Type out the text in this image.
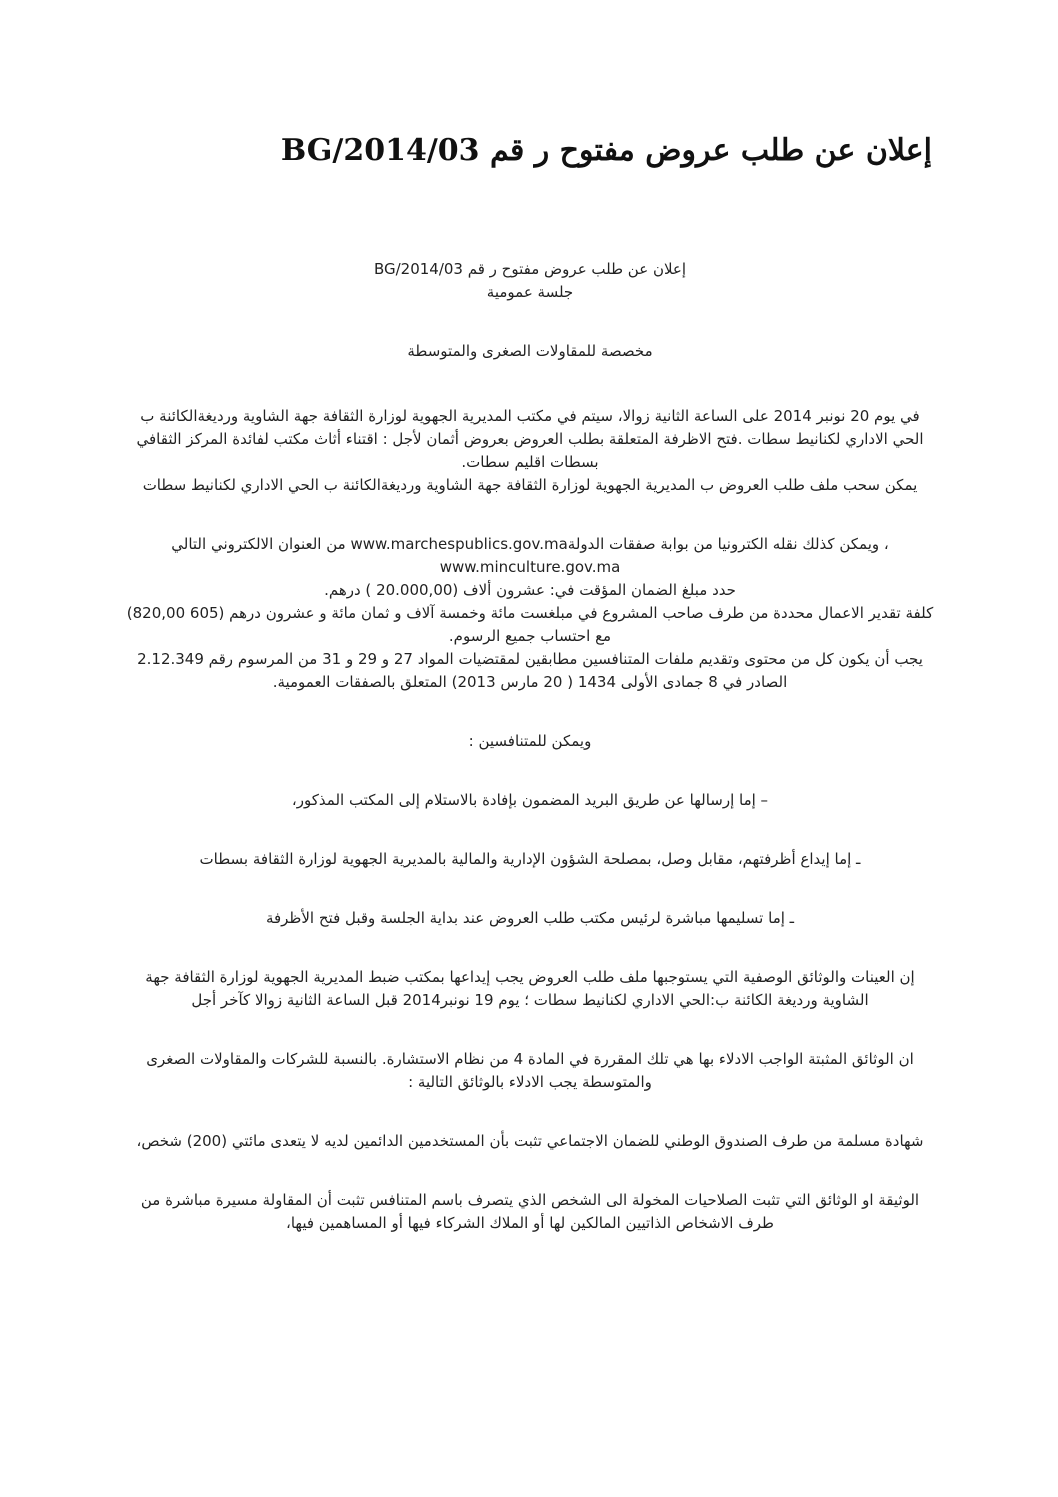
إعلان عن طلب عروض مفتوح ر قم BG/2014/03

إعلان عن طلب عروض مفتوح ر قم BG/2014/03

جلسة عمومية

مخصصة للمقاولات الصغرى والمتوسطة

في يوم 20 نونبر 2014 على الساعة الثانية زوالا، سيتم في مكتب المديرية الجهوية لوزارة الثقافة جهة الشاوية ورديغةالكائنة ب الحي الاداري لكنانيط سطات .فتح الاظرفة المتعلقة بطلب العروض بعروض أثمان لأجل : اقتناء أثاث مكتب لفائدة المركز الثقافي بسطات اقليم سطات.

يمكن سحب ملف طلب العروض ب المديرية الجهوية لوزارة الثقافة جهة الشاوية ورديغةالكائنة ب الحي الاداري لكنانيط سطات

، ويمكن كذلك نقله الكترونيا من بوابة صفقات الدولةwww.marchespublics.gov.ma من العنوان الالكتروني التالي www.minculture.gov.ma

حدد مبلغ الضمان المؤقت في: عشرون ألاف (20.000,00 ) درهم.

كلفة تقدير الاعمال محددة من طرف صاحب المشروع في مبلغست مائة وخمسة آلاف و ثمان مائة و عشرون درهم (605 820,00) مع احتساب جميع الرسوم.

يجب أن يكون كل من محتوى وتقديم ملفات المتنافسين مطابقين لمقتضيات المواد 27 و 29 و 31 من المرسوم رقم 2.12.349 الصادر في 8 جمادى الأولى 1434 ( 20 مارس 2013) المتعلق بالصفقات العمومية.

ويمكن للمتنافسين :

– إما إرسالها عن طريق البريد المضمون بإفادة بالاستلام إلى المكتب المذكور،

ـ إما إيداع أظرفتهم، مقابل وصل، بمصلحة الشؤون الإدارية والمالية بالمديرية الجهوية لوزارة الثقافة بسطات

ـ إما تسليمها مباشرة لرئيس مكتب طلب العروض عند بداية الجلسة وقبل فتح الأظرفة

إن العينات والوثائق الوصفية التي يستوجبها ملف طلب العروض يجب إيداعها بمكتب ضبط المديرية الجهوية لوزارة الثقافة جهة الشاوية ورديغة الكائنة ب:الحي الاداري لكنانيط سطات ؛ يوم 19 نونبر2014 قبل الساعة الثانية زوالا كآخر أجل

ان الوثائق المثبتة الواجب الادلاء بها هي تلك المقررة في المادة 4 من نظام الاستشارة. بالنسبة للشركات والمقاولات الصغرى والمتوسطة يجب الادلاء بالوثائق التالية :

شهادة مسلمة من طرف الصندوق الوطني للضمان الاجتماعي تثبت بأن المستخدمين الدائمين لديه لا يتعدى مائتي (200) شخص،

الوثيقة او الوثائق التي تثبت الصلاحيات المخولة الى الشخص الذي يتصرف باسم المتنافس تثبت أن المقاولة مسيرة مباشرة من طرف الاشخاص الذاتيين المالكين لها أو الملاك الشركاء فيها أو المساهمين فيها،
